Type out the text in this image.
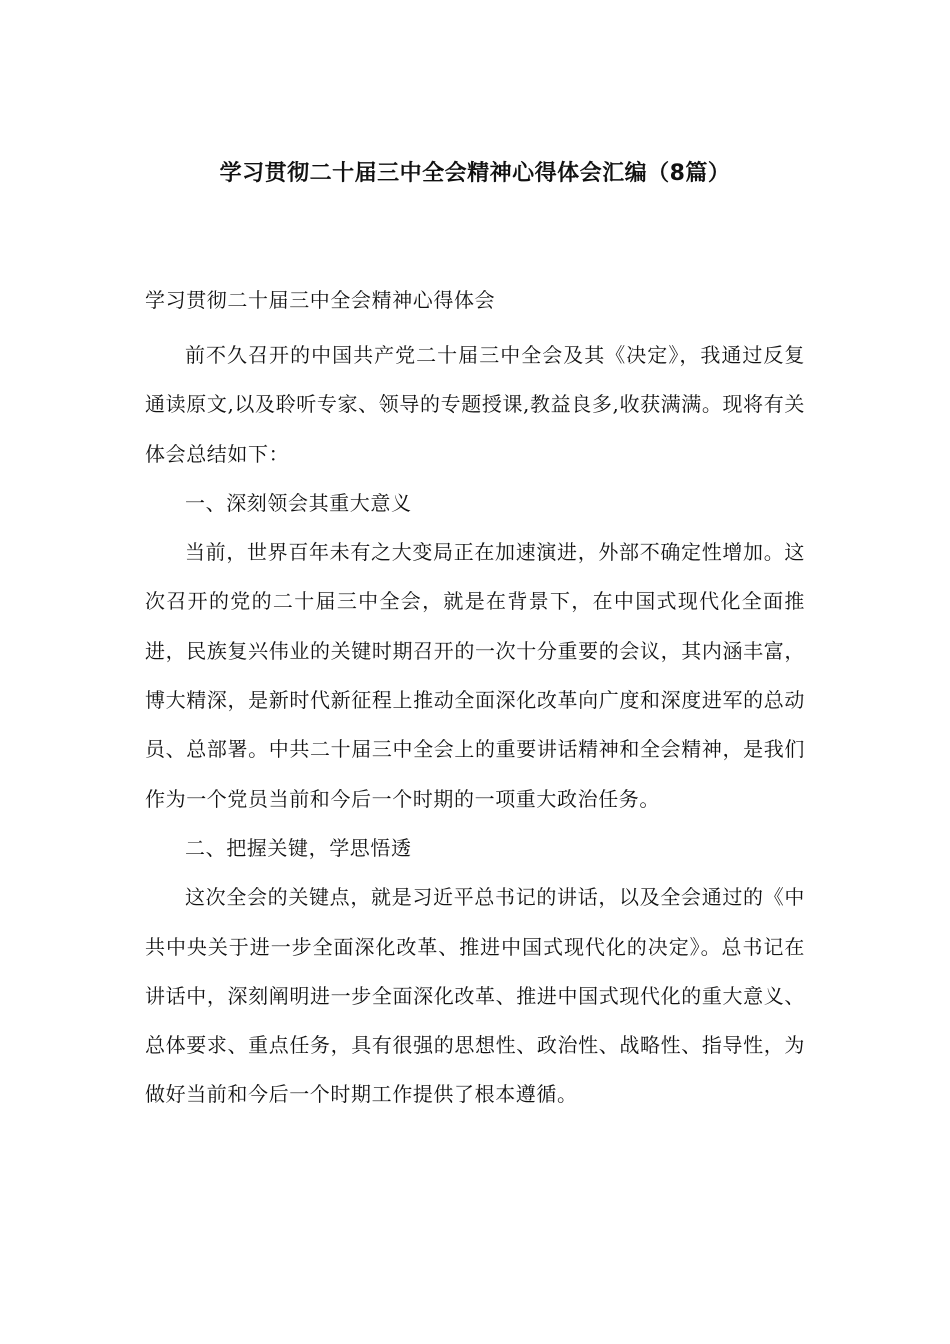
学习贯彻二十届三中全会精神心得体会汇编（8篇）

学习贯彻二十届三中全会精神心得体会

前不久召开的中国共产党二十届三中全会及其《决定》，我通过反复通读原文,以及聆听专家、领导的专题授课,教益良多,收获满满。现将有关体会总结如下：

一、深刻领会其重大意义

当前，世界百年未有之大变局正在加速演进，外部不确定性增加。这次召开的党的二十届三中全会，就是在背景下，在中国式现代化全面推进，民族复兴伟业的关键时期召开的一次十分重要的会议，其内涵丰富，博大精深，是新时代新征程上推动全面深化改革向广度和深度进军的总动员、总部署。中共二十届三中全会上的重要讲话精神和全会精神，是我们作为一个党员当前和今后一个时期的一项重大政治任务。

二、把握关键，学思悟透

这次全会的关键点，就是习近平总书记的讲话，以及全会通过的《中共中央关于进一步全面深化改革、推进中国式现代化的决定》。总书记在讲话中，深刻阐明进一步全面深化改革、推进中国式现代化的重大意义、总体要求、重点任务，具有很强的思想性、政治性、战略性、指导性，为做好当前和今后一个时期工作提供了根本遵循。
